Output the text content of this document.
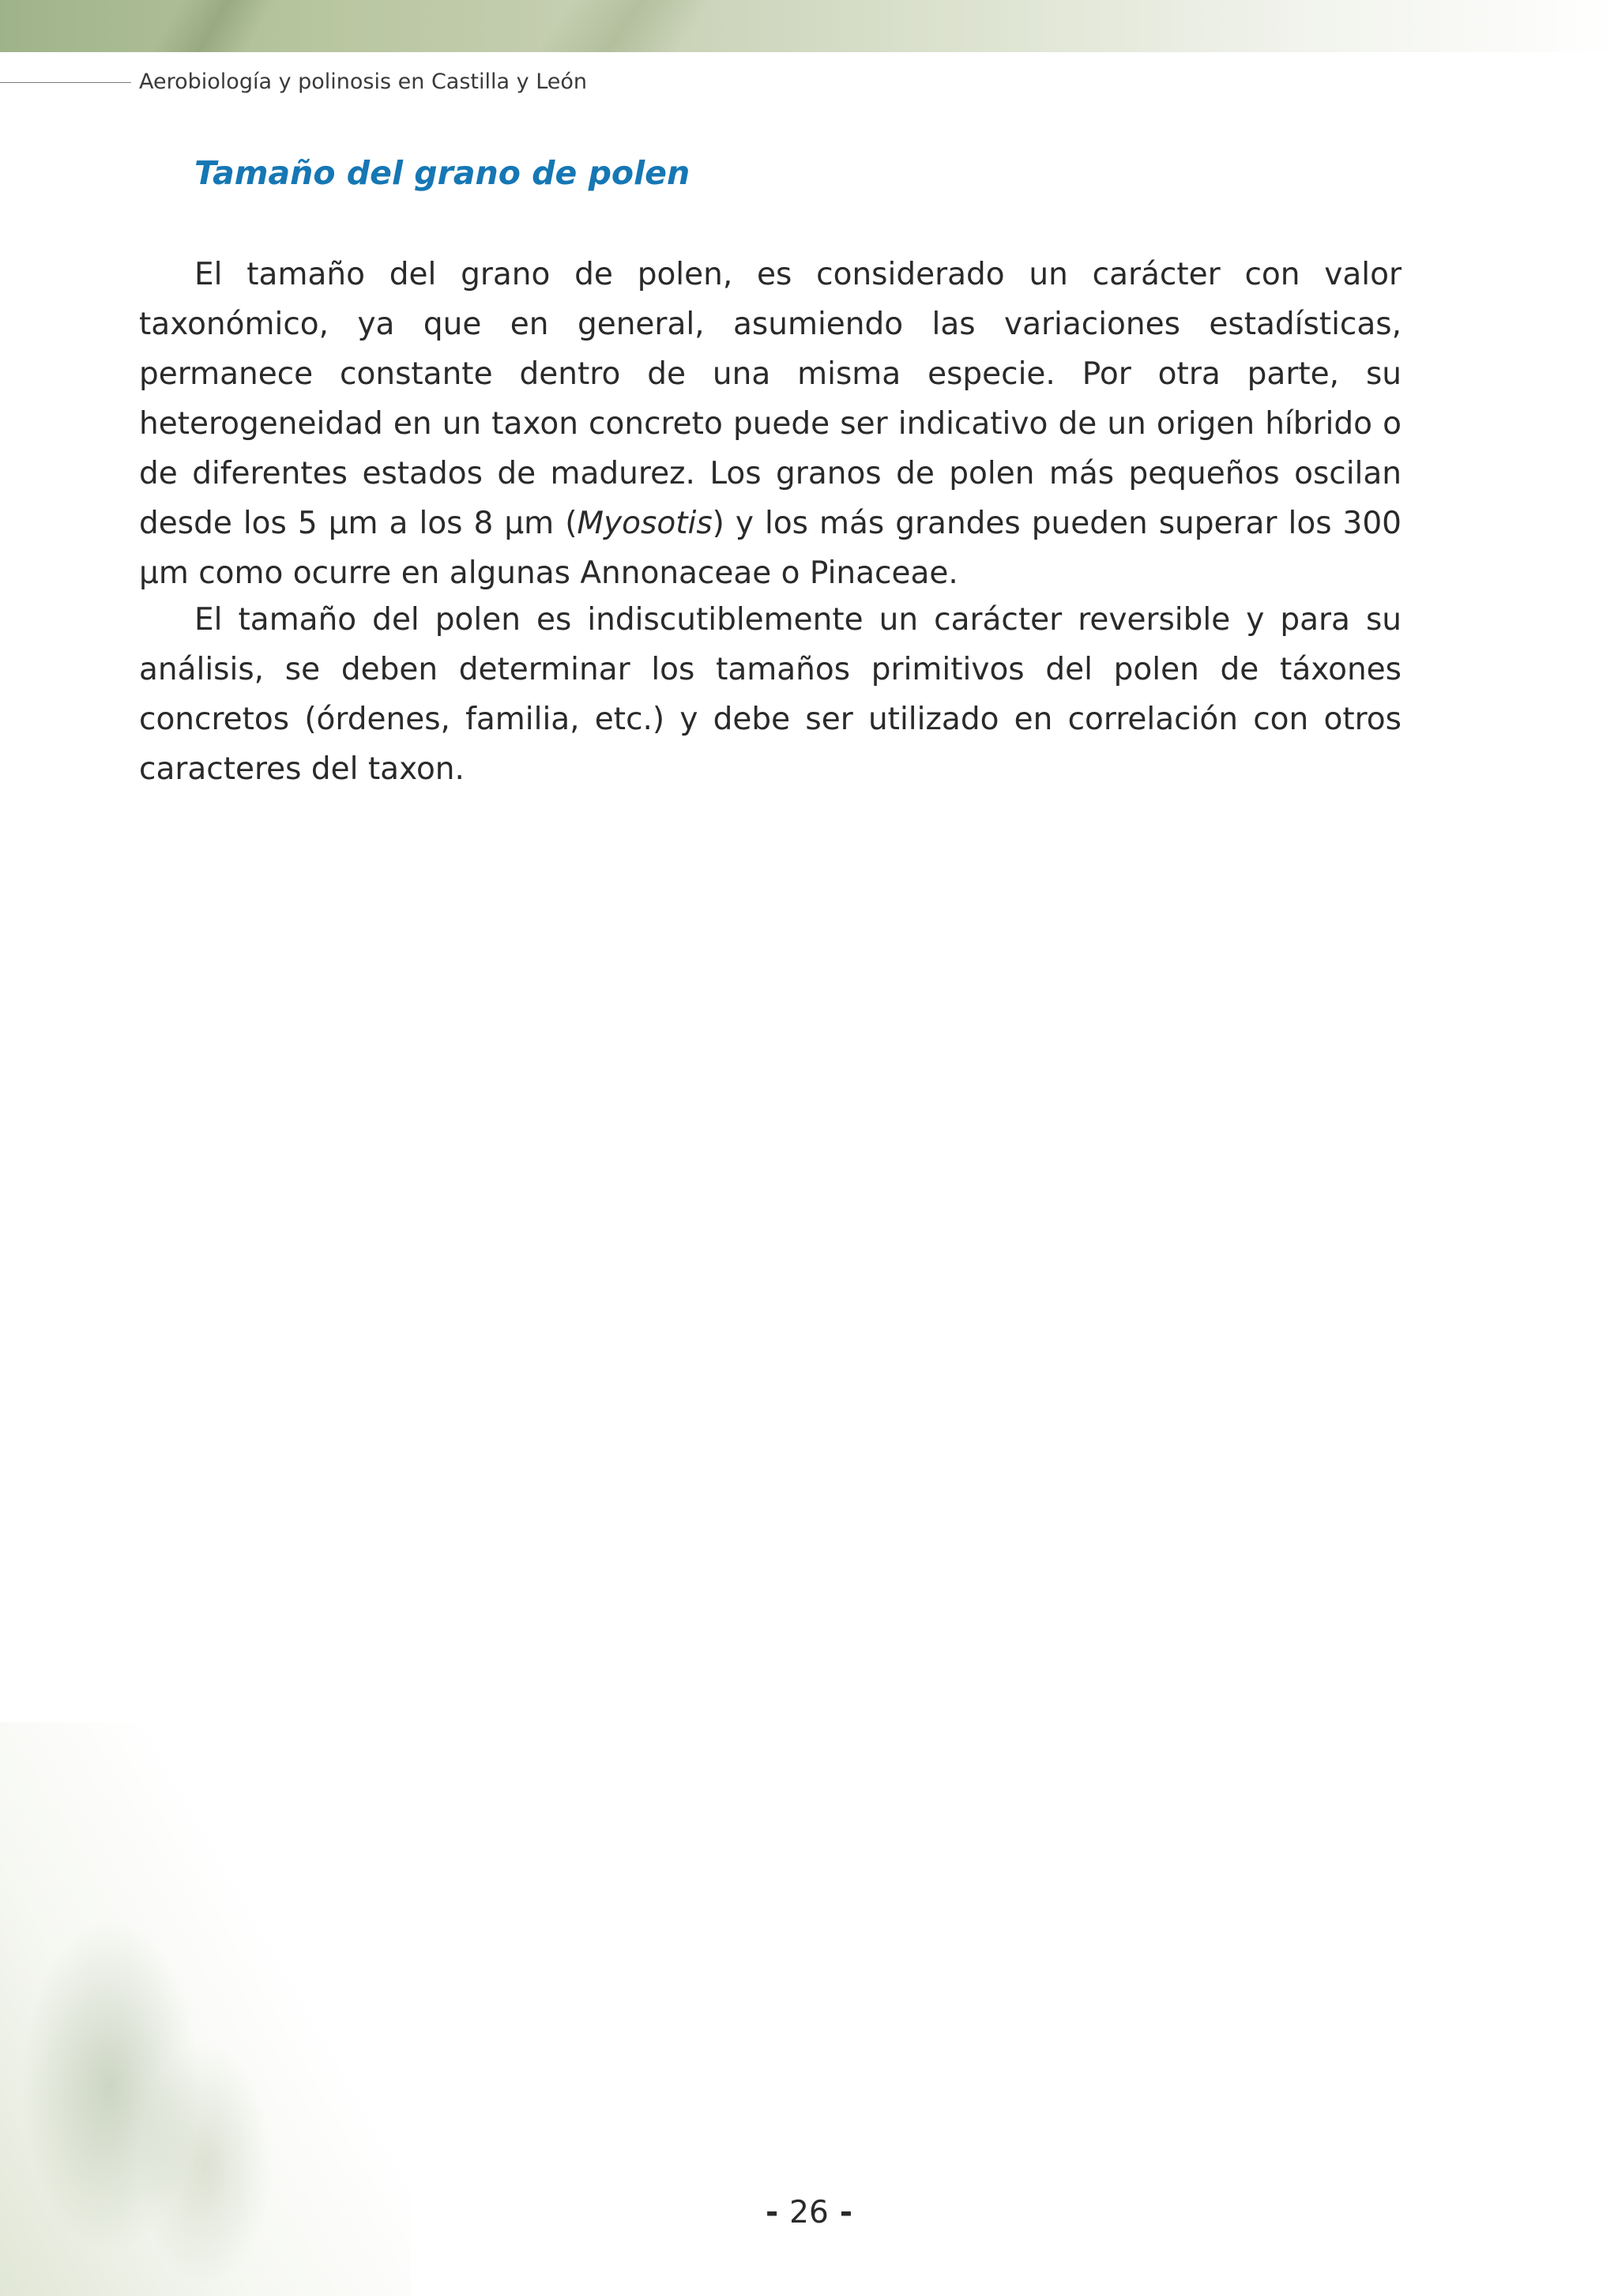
Aerobiología y polinosis en Castilla y León
Tamaño del grano de polen

El tamaño del grano de polen, es considerado un carácter con valor taxonómico, ya que en general, asumiendo las variaciones estadísticas, permanece constante dentro de una misma especie. Por otra parte, su heterogeneidad en un taxon concreto puede ser indicativo de un origen híbrido o de diferentes estados de madurez. Los granos de polen más pequeños oscilan desde los 5 µm a los 8 µm (Myosotis) y los más grandes pueden superar los 300 µm como ocurre en algunas Annonaceae o Pinaceae.

El tamaño del polen es indiscutiblemente un carácter reversible y para su análisis, se deben determinar los tamaños primitivos del polen de táxones concretos (órdenes, familia, etc.) y debe ser utilizado en correlación con otros caracteres del taxon.

- 26 -
